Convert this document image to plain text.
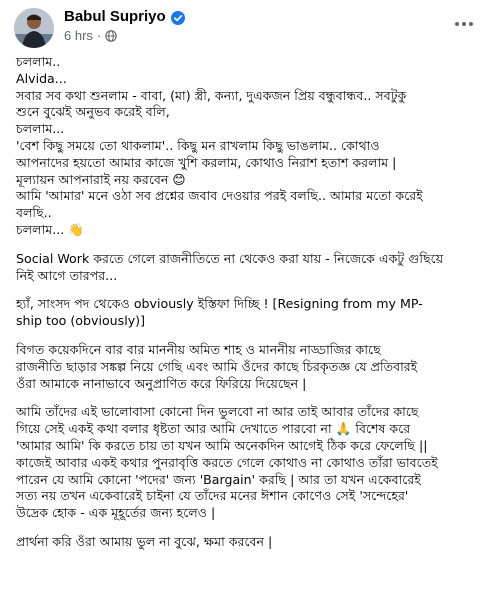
Babul Supriyo
6 hrs ·
চললাম..
Alvida...
সবার সব কথা শুনলাম - বাবা, (মা) স্ত্রী, কন্যা, দুএকজন প্রিয় বন্ধুবান্ধব.. সবটুকু
শুনে বুঝেই অনুভব করেই বলি,
চললাম...
'বেশ কিছু সময়ে তো থাকলাম'.. কিছু মন রাখলাম কিছু ভাঙলাম.. কোথাও
আপনাদের হয়তো আমার কাজে খুশি করলাম, কোথাও নিরাশ হতাশ করলাম |
মূল্যায়ন আপনারাই নয় করবেন 😊
আমি 'আমার' মনে ওঠা সব প্রশ্নের জবাব দেওয়ার পরই বলছি.. আমার মতো করেই
বলছি..
চললাম... 👋
Social Work করতে গেলে রাজনীতিতে না থেকেও করা যায় - নিজেকে একটু গুছিয়ে
নিই আগে তারপর...
হ্যাঁ, সাংসদ পদ থেকেও obviously ইস্তিফা দিচ্ছি ! [Resigning from my MP-
ship too (obviously)]
বিগত কয়েকদিনে বার বার মাননীয় অমিত শাহ ও মাননীয় নাড্ডাজির কাছে
রাজনীতি ছাড়ার সঙ্কল্প নিয়ে গেছি এবং আমি ওঁদের কাছে চিরকৃতজ্ঞ যে প্রতিবারই
ওঁরা আমাকে নানাভাবে অনুপ্রাণিত করে ফিরিয়ে দিয়েছেন |
আমি তাঁদের এই ভালোবাসা কোনো দিন ভুলবো না আর তাই আবার তাঁদের কাছে
গিয়ে সেই একই কথা বলার ধৃষ্টতা আর আমি দেখাতে পারবো না 🙏 বিশেষ করে
'আমার আমি' কি করতে চায় তা যখন আমি অনেকদিন আগেই ঠিক করে ফেলেছি ||
কাজেই আবার একই কথার পুনরাবৃত্তি করতে গেলে কোথাও না কোথাও তাঁরা ভাবতেই
পারেন যে আমি কোনো 'পদের' জন্য 'Bargain' করছি | আর তা যখন একেবারেই
সত্য নয় তখন একেবারেই চাইনা যে তাঁদের মনের ঈশান কোণেও সেই 'সন্দেহের'
উদ্রেক হোক - এক মূহূর্তের জন্য হলেও |
প্রার্থনা করি ওঁরা আমায় ভুল না বুঝে, ক্ষমা করবেন |
